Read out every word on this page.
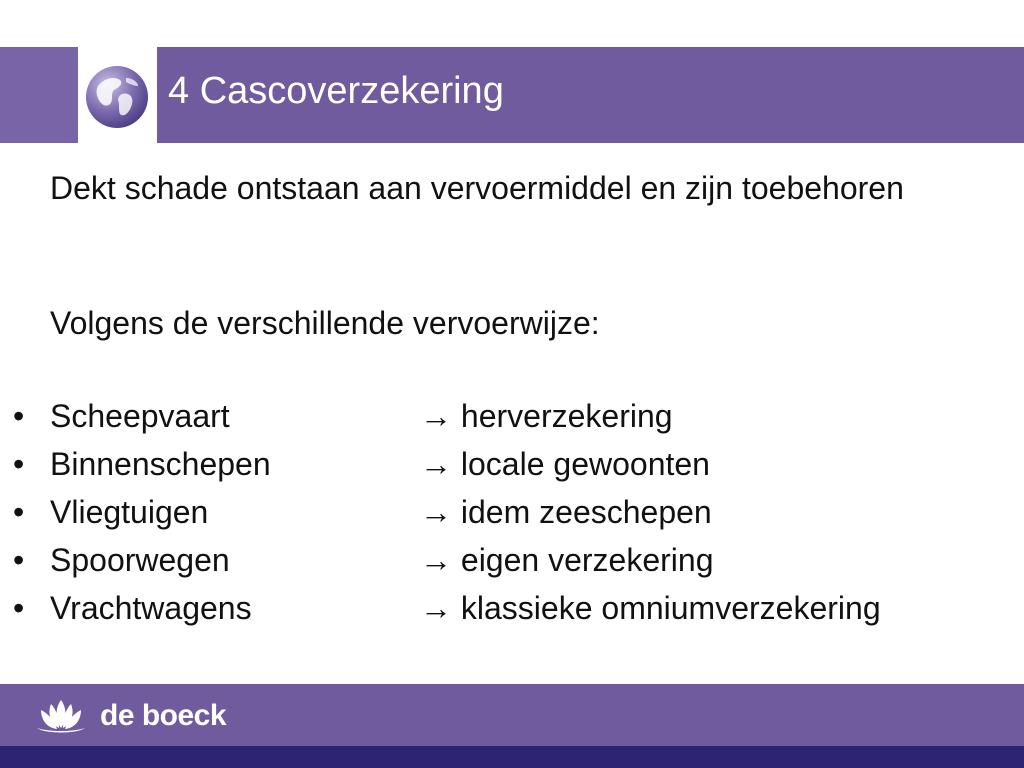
4 Cascoverzekering
Dekt schade ontstaan aan vervoermiddel en zijn toebehoren
Volgens de verschillende vervoerwijze:
• Scheepvaart	→ herverzekering
• Binnenschepen	→ locale gewoonten
• Vliegtuigen	→ idem zeeschepen
• Spoorwegen	→ eigen verzekering
• Vrachtwagens	→ klassieke omniumverzekering
de boeck
